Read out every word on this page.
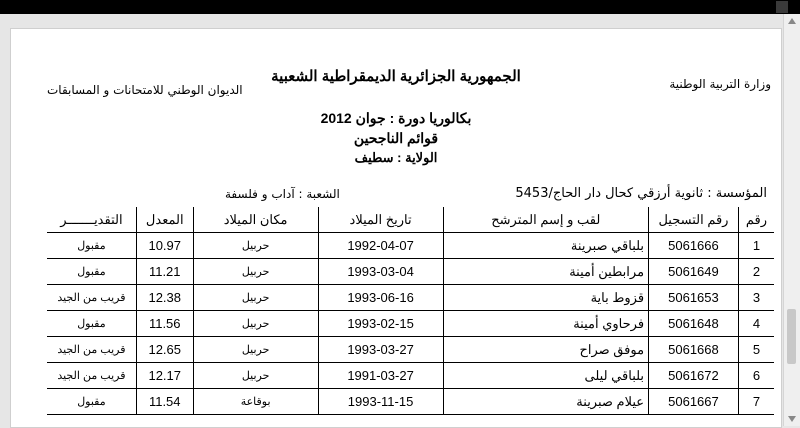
الجمهورية الجزائرية الديمقراطية الشعبية	وزارة التربية الوطنية
الديوان الوطني للامتحانات و المسابقات
بكالوريا دورة : جوان 2012
قوائم الناجحين
الولاية : سطيف
المؤسسة : ثانوية أرزقي كحال دار الحاج/5453
الشعبة : آداب و فلسفة
رقم	رقم التسجيل	لقب و إسم المترشح	تاريخ الميلاد	مكان الميلاد	المعدل	التقديـــــــر
1	5061666	بلباقي صبرينة	1992-04-07	حربيل	10.97	مقبول
2	5061649	مرابطين أمينة	1993-03-04	حربيل	11.21	مقبول
3	5061653	قزوط باية	1993-06-16	حربيل	12.38	قريب من الجيد
4	5061648	فرحاوي أمينة	1993-02-15	حربيل	11.56	مقبول
5	5061668	موفق صراح	1993-03-27	حربيل	12.65	قريب من الجيد
6	5061672	بلباقي ليلى	1991-03-27	حربيل	12.17	قريب من الجيد
7	5061667	عيلام صبرينة	1993-11-15	بوقاعة	11.54	مقبول
